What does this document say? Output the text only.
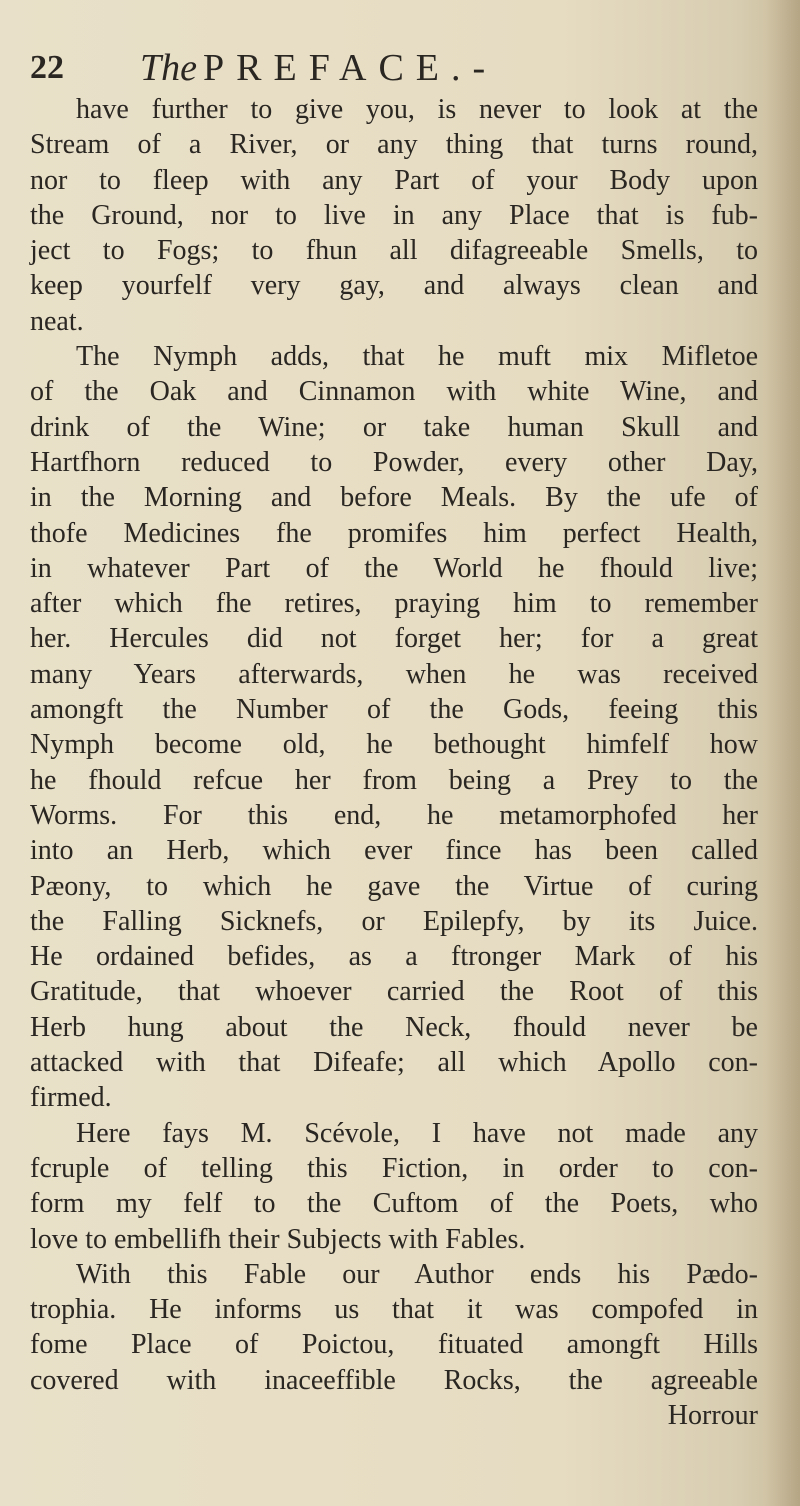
22	The PREFACE.-
have further to give you, is never to look at the
Stream of a River, or any thing that turns round,
nor to fleep with any Part of your Body upon
the Ground, nor to live in any Place that is fub-
ject to Fogs; to fhun all difagreeable Smells, to
keep yourfelf very gay, and always clean and
neat.
The Nymph adds, that he muft mix Mifletoe
of the Oak and Cinnamon with white Wine, and
drink of the Wine; or take human Skull and
Hartfhorn reduced to Powder, every other Day,
in the Morning and before Meals. By the ufe of
thofe Medicines fhe promifes him perfect Health,
in whatever Part of the World he fhould live;
after which fhe retires, praying him to remember
her. Hercules did not forget her; for a great
many Years afterwards, when he was received
amongft the Number of the Gods, feeing this
Nymph become old, he bethought himfelf how
he fhould refcue her from being a Prey to the
Worms. For this end, he metamorphofed her
into an Herb, which ever fince has been called
Pæony, to which he gave the Virtue of curing
the Falling Sicknefs, or Epilepfy, by its Juice.
He ordained befides, as a ftronger Mark of his
Gratitude, that whoever carried the Root of this
Herb hung about the Neck, fhould never be
attacked with that Difeafe; all which Apollo con-
firmed.
Here fays M. Scévole, I have not made any
fcruple of telling this Fiction, in order to con-
form my felf to the Cuftom of the Poets, who
love to embellifh their Subjects with Fables.
With this Fable our Author ends his Pædo-
trophia. He informs us that it was compofed in
fome Place of Poictou, fituated amongft Hills
covered with inaceeffible Rocks, the agreeable
Horrour
